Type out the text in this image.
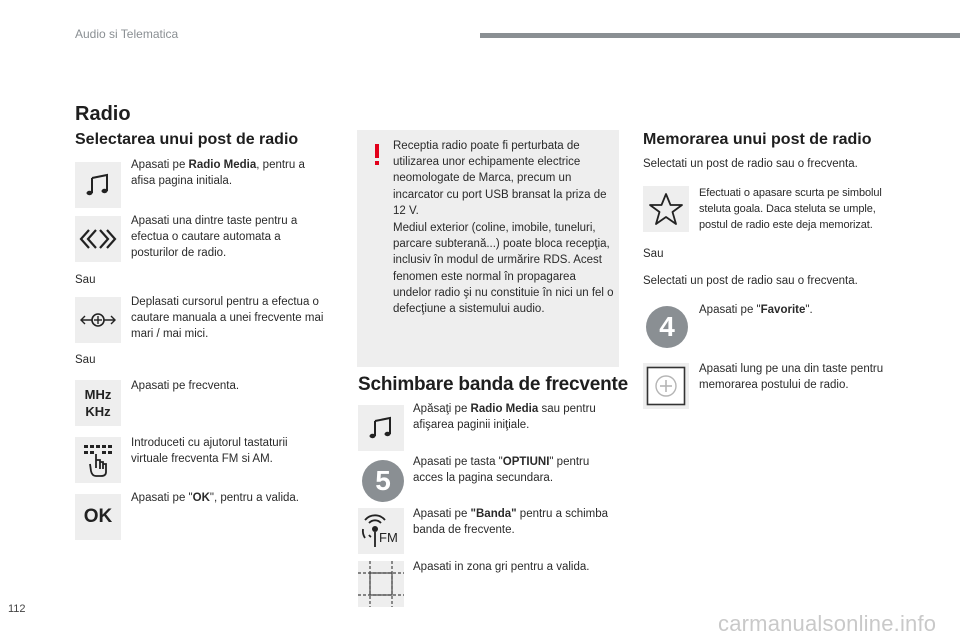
Audio si Telematica
Radio
Selectarea unui post de radio
Apasati pe Radio Media, pentru a afisa pagina initiala.
Apasati una dintre taste pentru a efectua o cautare automata a posturilor de radio.
Sau
Deplasati cursorul pentru a efectua o cautare manuala a unei frecvente mai mari / mai mici.
Sau
MHz
KHz
Apasati pe frecventa.
Introduceti cu ajutorul tastaturii virtuale frecventa FM si AM.
OK
Apasati pe "OK", pentru a valida.
Receptia radio poate fi perturbata de utilizarea unor echipamente electrice neomologate de Marca, precum un incarcator cu port USB bransat la priza de 12 V.
Mediul exterior (coline, imobile, tuneluri, parcare subterană...) poate bloca recepţia, inclusiv în modul de urmărire RDS. Acest fenomen este normal în propagarea undelor radio şi nu constituie în nici un fel o defecţiune a sistemului audio.
Schimbare banda de frecvente
Apăsaţi pe Radio Media sau pentru afişarea paginii iniţiale.
5
Apasati pe tasta "OPTIUNI" pentru acces la pagina secundara.
FM
Apasati pe "Banda" pentru a schimba banda de frecvente.
Apasati in zona gri pentru a valida.
Memorarea unui post de radio
Selectati un post de radio sau o frecventa.
Efectuati o apasare scurta pe simbolul steluta goala. Daca steluta se umple, postul de radio este deja memorizat.
Sau
Selectati un post de radio sau o frecventa.
4
Apasati pe "Favorite".
Apasati lung pe una din taste pentru memorarea postului de radio.
112
carmanualsonline.info
